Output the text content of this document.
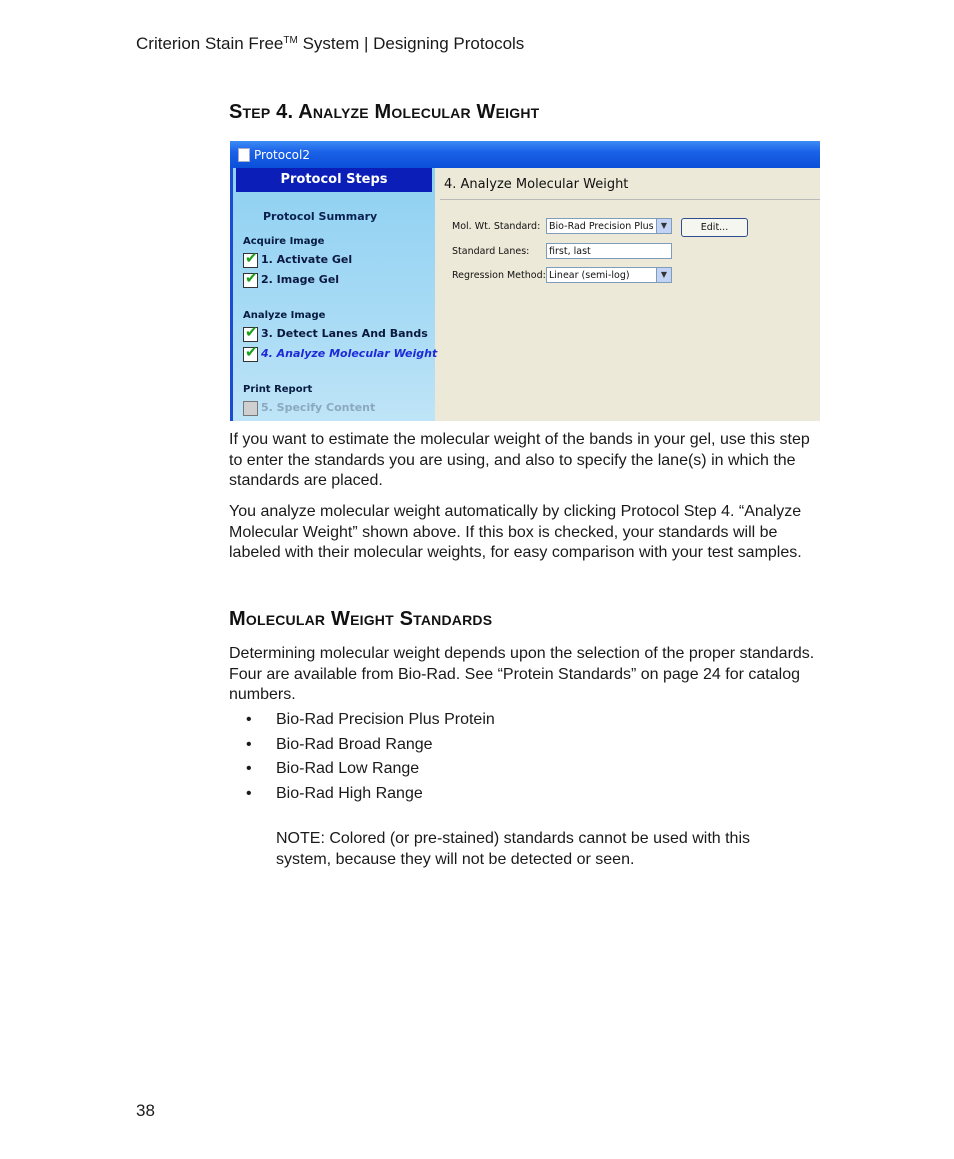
Criterion Stain Free™ System | Designing Protocols
Step 4. Analyze Molecular Weight
Protocol2
Protocol Steps
Protocol Summary
Acquire Image
✔ 1. Activate Gel
✔ 2. Image Gel
Analyze Image
✔ 3. Detect Lanes And Bands
✔ 4. Analyze Molecular Weight
Print Report
5. Specify Content
4. Analyze Molecular Weight
Mol. Wt. Standard: Bio-Rad Precision Plus ▼	Edit...
Standard Lanes:	first, last
Regression Method: Linear (semi-log)	▼

If you want to estimate the molecular weight of the bands in your gel, use this step to enter the standards you are using, and also to specify the lane(s) in which the standards are placed.

You analyze molecular weight automatically by clicking Protocol Step 4. “Analyze Molecular Weight” shown above. If this box is checked, your standards will be labeled with their molecular weights, for easy comparison with your test samples.

Molecular Weight Standards

Determining molecular weight depends upon the selection of the proper standards. Four are available from Bio-Rad. See “Protein Standards” on page 24 for catalog numbers.

• Bio-Rad Precision Plus Protein
• Bio-Rad Broad Range
• Bio-Rad Low Range
• Bio-Rad High Range

NOTE: Colored (or pre-stained) standards cannot be used with this system, because they will not be detected or seen.

38
